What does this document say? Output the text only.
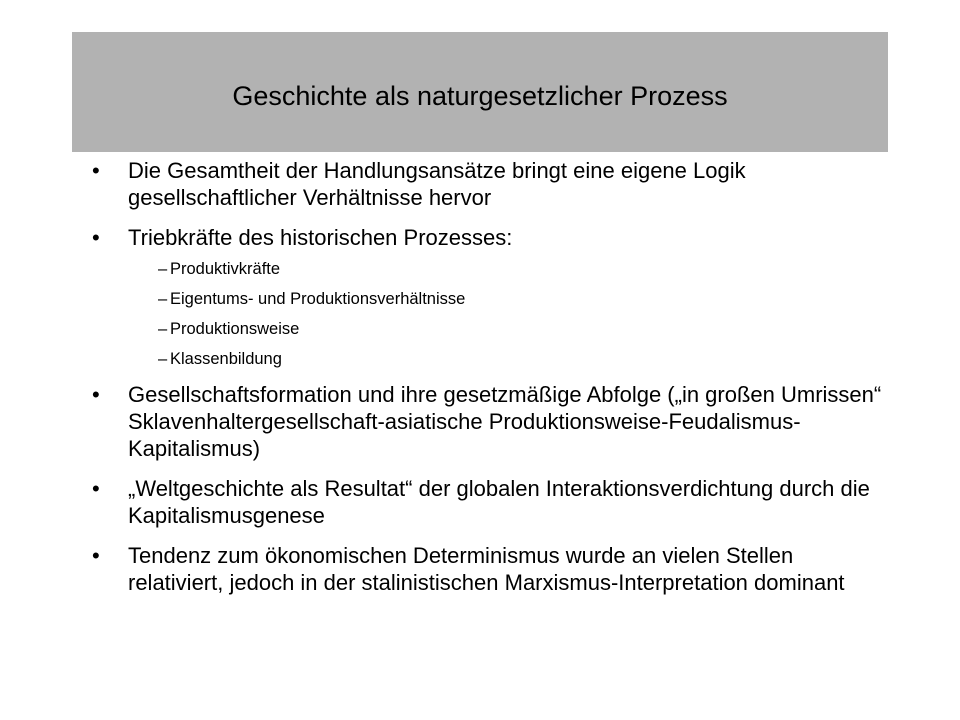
Geschichte als naturgesetzlicher Prozess
•	Die Gesamtheit der Handlungsansätze bringt eine eigene Logik gesellschaftlicher Verhältnisse hervor
•	Triebkräfte des historischen Prozesses:
– Produktivkräfte
– Eigentums- und Produktionsverhältnisse
– Produktionsweise
– Klassenbildung
•	Gesellschaftsformation und ihre gesetzmäßige Abfolge („in großen Umrissen“ Sklavenhaltergesellschaft-asiatische Produktionsweise-Feudalismus-Kapitalismus)
•	„Weltgeschichte als Resultat“ der globalen Interaktionsverdichtung durch die Kapitalismusgenese
•	Tendenz zum ökonomischen Determinismus wurde an vielen Stellen relativiert, jedoch in der stalinistischen Marxismus-Interpretation dominant
